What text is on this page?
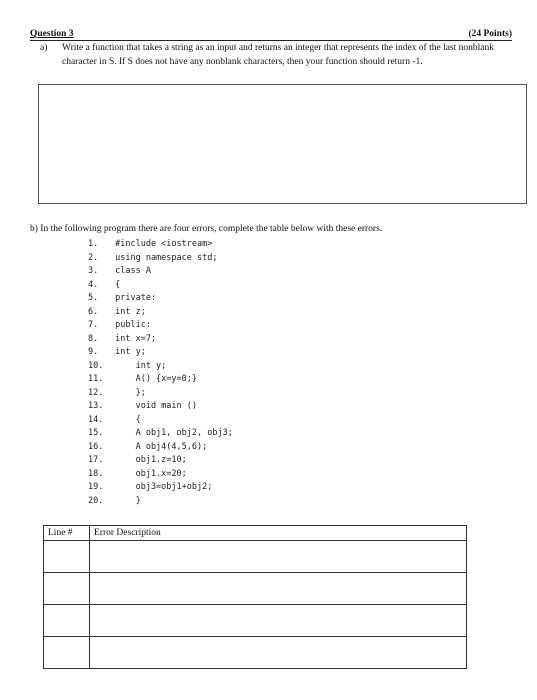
Question 3	(24 Points)
a) Write a function that takes a string as an input and returns an integer that represents the index of the last nonblank character in S. If S does not have any nonblank characters, then your function should return -1.
b) In the following program there are four errors, complete the table below with these errors.
1. #include <iostream>
2. using namespace std;
3. class A
4. {
5. private:
6. int z;
7. public:
8. int x=7;
9. int y;
10.     int y;
11.     A() {x=y=0;}
12.     };
13.     void main ()
14.     {
15.     A obj1, obj2, obj3;
16.     A obj4(4,5,6);
17.     obj1.z=10;
18.     obj1.x=20;
19.     obj3=obj1+obj2;
20.     }
Line #	Error Description
